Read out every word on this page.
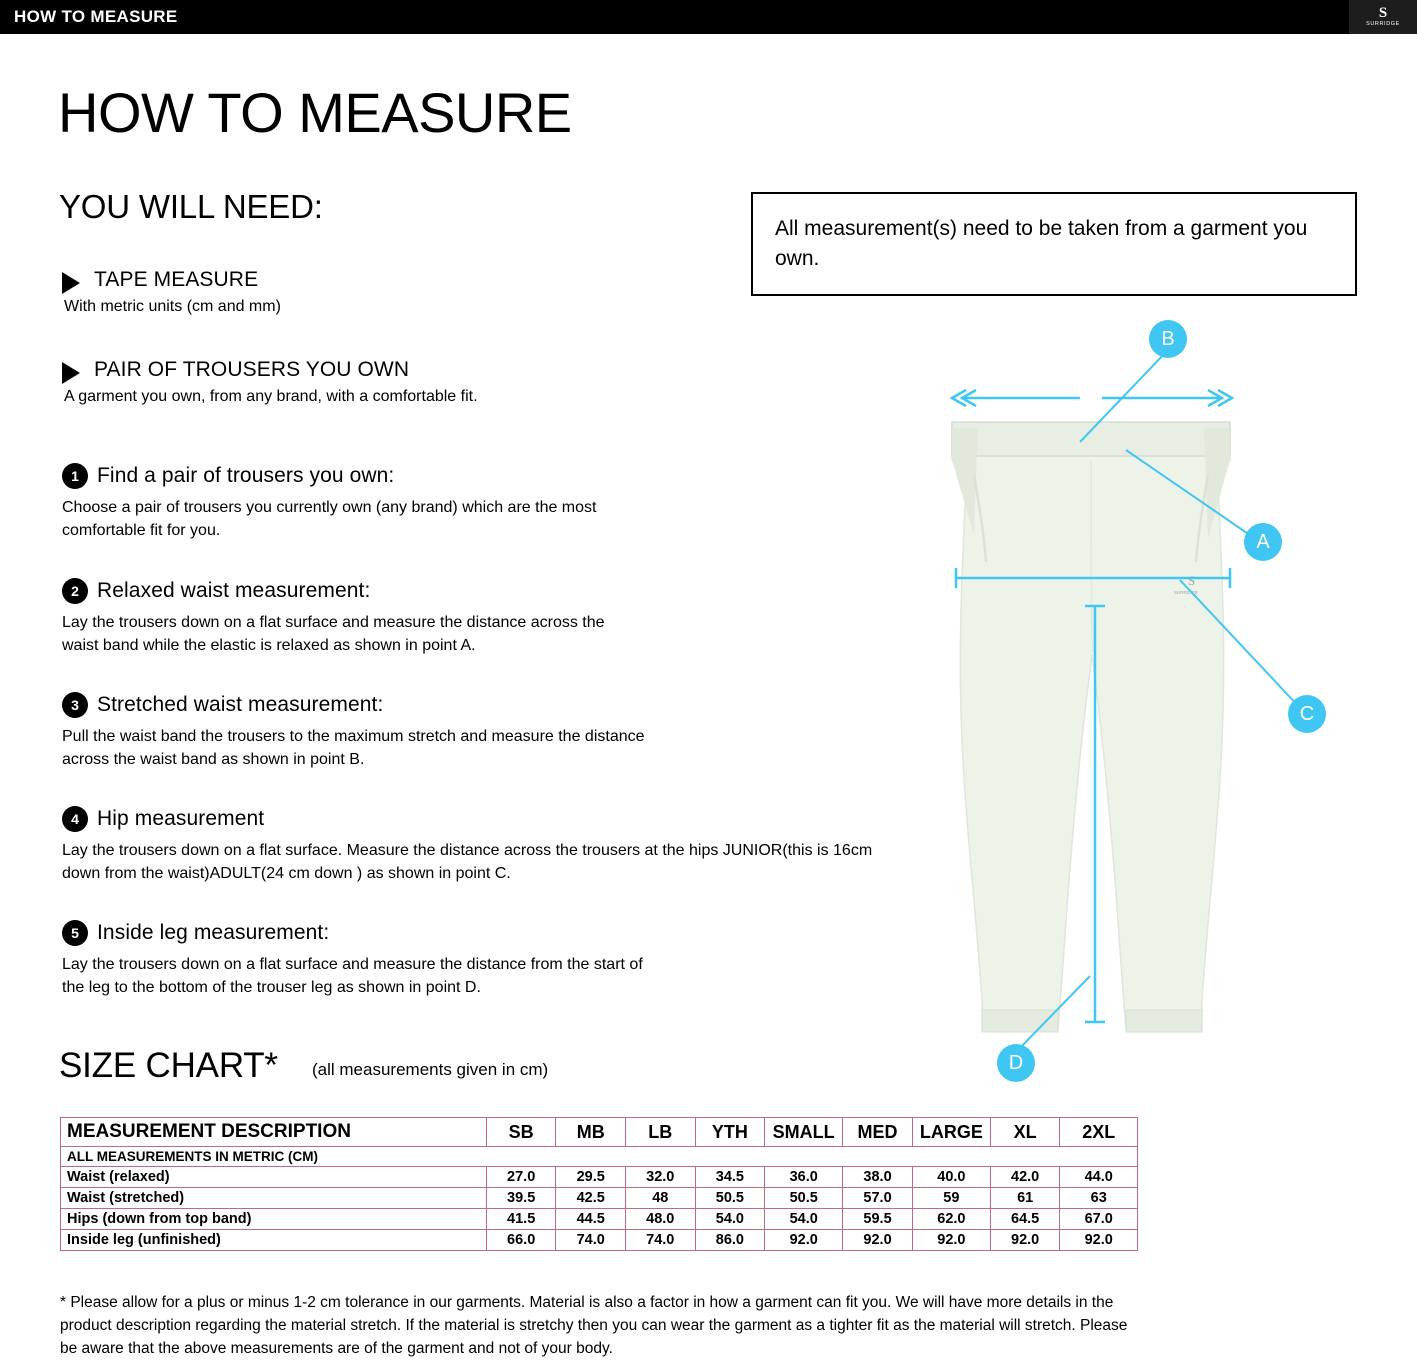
HOW TO MEASURE	S
SURRIDGE
HOW TO MEASURE
YOU WILL NEED:
TAPE MEASURE
With metric units (cm and mm)
PAIR OF TROUSERS YOU OWN
A garment you own, from any brand, with a comfortable fit.
All measurement(s) need to be taken from a garment you own.
1 Find a pair of trousers you own:
Choose a pair of trousers you currently own (any brand) which are the most comfortable fit for you.
2 Relaxed waist measurement:
Lay the trousers down on a flat surface and measure the distance across the waist band while the elastic is relaxed as shown in point A.
3 Stretched waist measurement:
Pull the waist band the trousers to the maximum stretch and measure the distance across the waist band as shown in point B.
4 Hip measurement
Lay the trousers down on a flat surface. Measure the distance across the trousers at the hips JUNIOR(this is 16cm down from the waist)ADULT(24 cm down ) as shown in point C.
5 Inside leg measurement:
Lay the trousers down on a flat surface and measure the distance from the start of the leg to the bottom of the trouser leg as shown in point D.
S
SURRIDGE
B
A
C
D
SIZE CHART* (all measurements given in cm)
MEASUREMENT DESCRIPTION	SB	MB	LB	YTH	SMALL	MED	LARGE	XL	2XL
ALL MEASUREMENTS IN METRIC (CM)									
Waist (relaxed)	27.0	29.5	32.0	34.5	36.0	38.0	40.0	42.0	44.0
Waist (stretched)	39.5	42.5	48	50.5	50.5	57.0	59	61	63
Hips (down from top band)	41.5	44.5	48.0	54.0	54.0	59.5	62.0	64.5	67.0
Inside leg (unfinished)	66.0	74.0	74.0	86.0	92.0	92.0	92.0	92.0	92.0
* Please allow for a plus or minus 1-2 cm tolerance in our garments. Material is also a factor in how a garment can fit you. We will have more details in the product description regarding the material stretch. If the material is stretchy then you can wear the garment as a tighter fit as the material will stretch. Please be aware that the above measurements are of the garment and not of your body.
